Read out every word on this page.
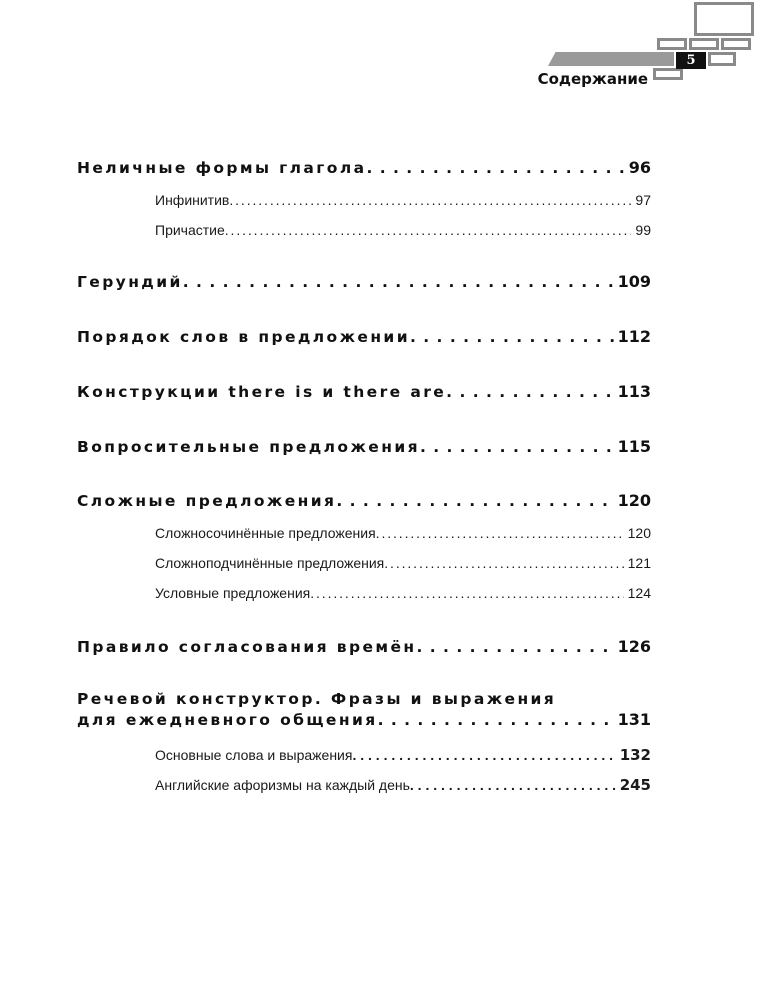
5
Содержание
Неличные формы глагола . . .	96
Инфинитив . . .	97
Причастие . . .	99
Герундий . . .	109
Порядок слов в предложении . . .	112
Конструкции there is и there are . . .	113
Вопросительные предложения . . .	115
Сложные предложения . . .	120
Сложносочинённые предложения . . .	120
Сложноподчинённые предложения . . .	121
Условные предложения . . .	124
Правило согласования времён . . .	126
Речевой конструктор. Фразы и выражения
для ежедневного общения . . .	131
Основные слова и выражения . . .	132
Английские афоризмы на каждый день . . .	245
